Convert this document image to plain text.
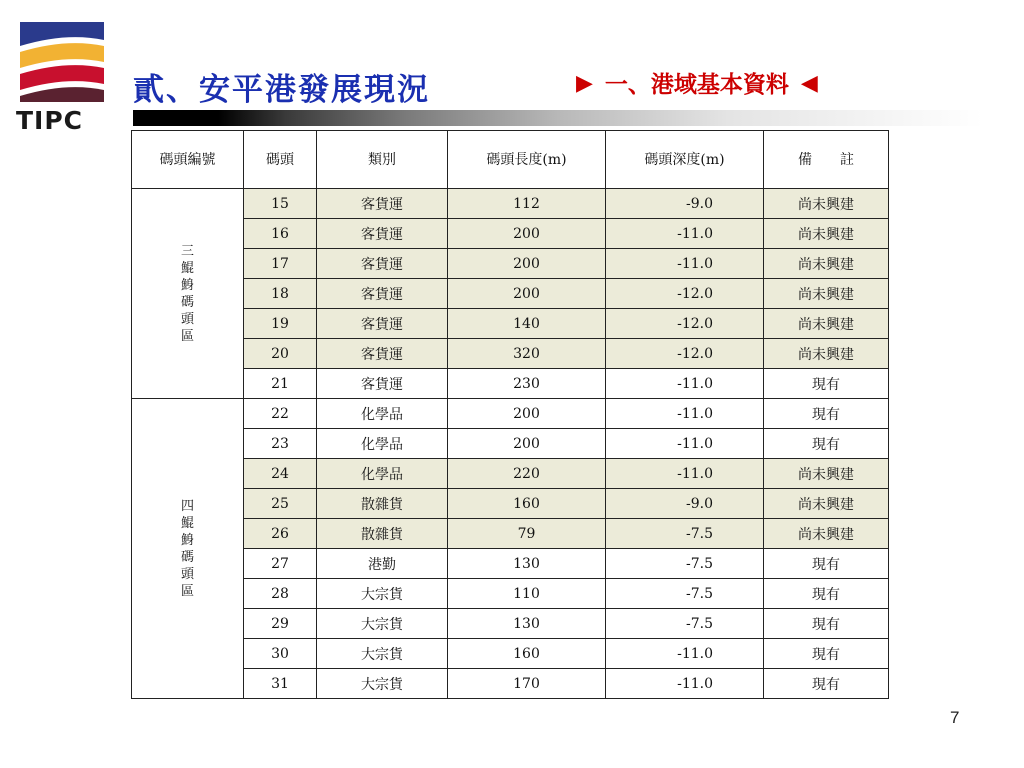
TIPC
貳、安平港發展現況	▶ 一、港域基本資料 ◀
碼頭編號	碼頭	類別	碼頭長度(m)	碼頭深度(m)	備　　註
三鯤鯓碼頭區	15	客貨運	112	-9.0	尚未興建
	16	客貨運	200	-11.0	尚未興建
	17	客貨運	200	-11.0	尚未興建
	18	客貨運	200	-12.0	尚未興建
	19	客貨運	140	-12.0	尚未興建
	20	客貨運	320	-12.0	尚未興建
	21	客貨運	230	-11.0	現有
四鯤鯓碼頭區	22	化學品	200	-11.0	現有
	23	化學品	200	-11.0	現有
	24	化學品	220	-11.0	尚未興建
	25	散雜貨	160	-9.0	尚未興建
	26	散雜貨	79	-7.5	尚未興建
	27	港勤	130	-7.5	現有
	28	大宗貨	110	-7.5	現有
	29	大宗貨	130	-7.5	現有
	30	大宗貨	160	-11.0	現有
	31	大宗貨	170	-11.0	現有
7
